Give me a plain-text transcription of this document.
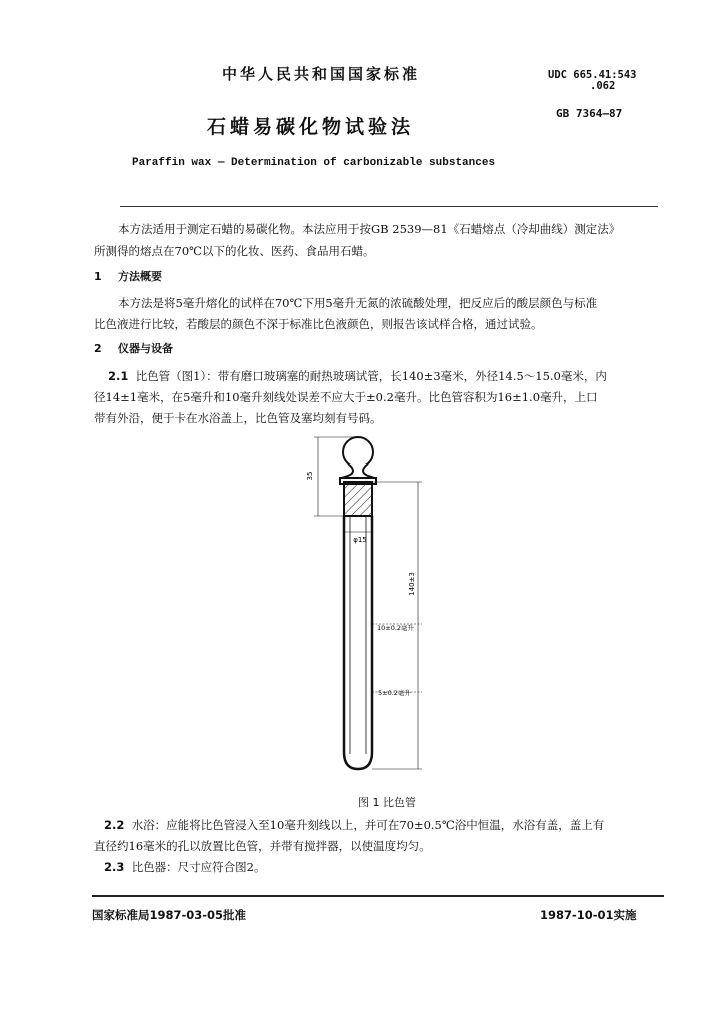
中华人民共和国国家标准	UDC 665.41:543
.062
GB 7364—87
石蜡易碳化物试验法
Paraffin wax — Determination of carbonizable substances
本方法适用于测定石蜡的易碳化物。本法应用于按GB 2539—81《石蜡熔点（冷却曲线）测定法》
所测得的熔点在70℃以下的化妆、医药、食品用石蜡。
1 方法概要
本方法是将5毫升熔化的试样在70℃下用5毫升无氮的浓硫酸处理，把反应后的酸层颜色与标准
比色液进行比较，若酸层的颜色不深于标准比色液颜色，则报告该试样合格，通过试验。
2 仪器与设备
2.1 比色管（图1）：带有磨口玻璃塞的耐热玻璃试管，长140±3毫米，外径14.5～15.0毫米，内
径14±1毫米，在5毫升和10毫升刻线处误差不应大于±0.2毫升。比色管容积为16±1.0毫升，上口
带有外沿，便于卡在水浴盖上，比色管及塞均刻有号码。
35
φ15
140±3
10±0.2毫升
5±0.2毫升
图 1 比色管
2.2 水浴：应能将比色管浸入至10毫升刻线以上，并可在70±0.5℃浴中恒温，水浴有盖，盖上有
直径约16毫米的孔以放置比色管，并带有搅拌器，以使温度均匀。
2.3 比色器：尺寸应符合图2。
国家标准局1987-03-05批准	1987-10-01实施
